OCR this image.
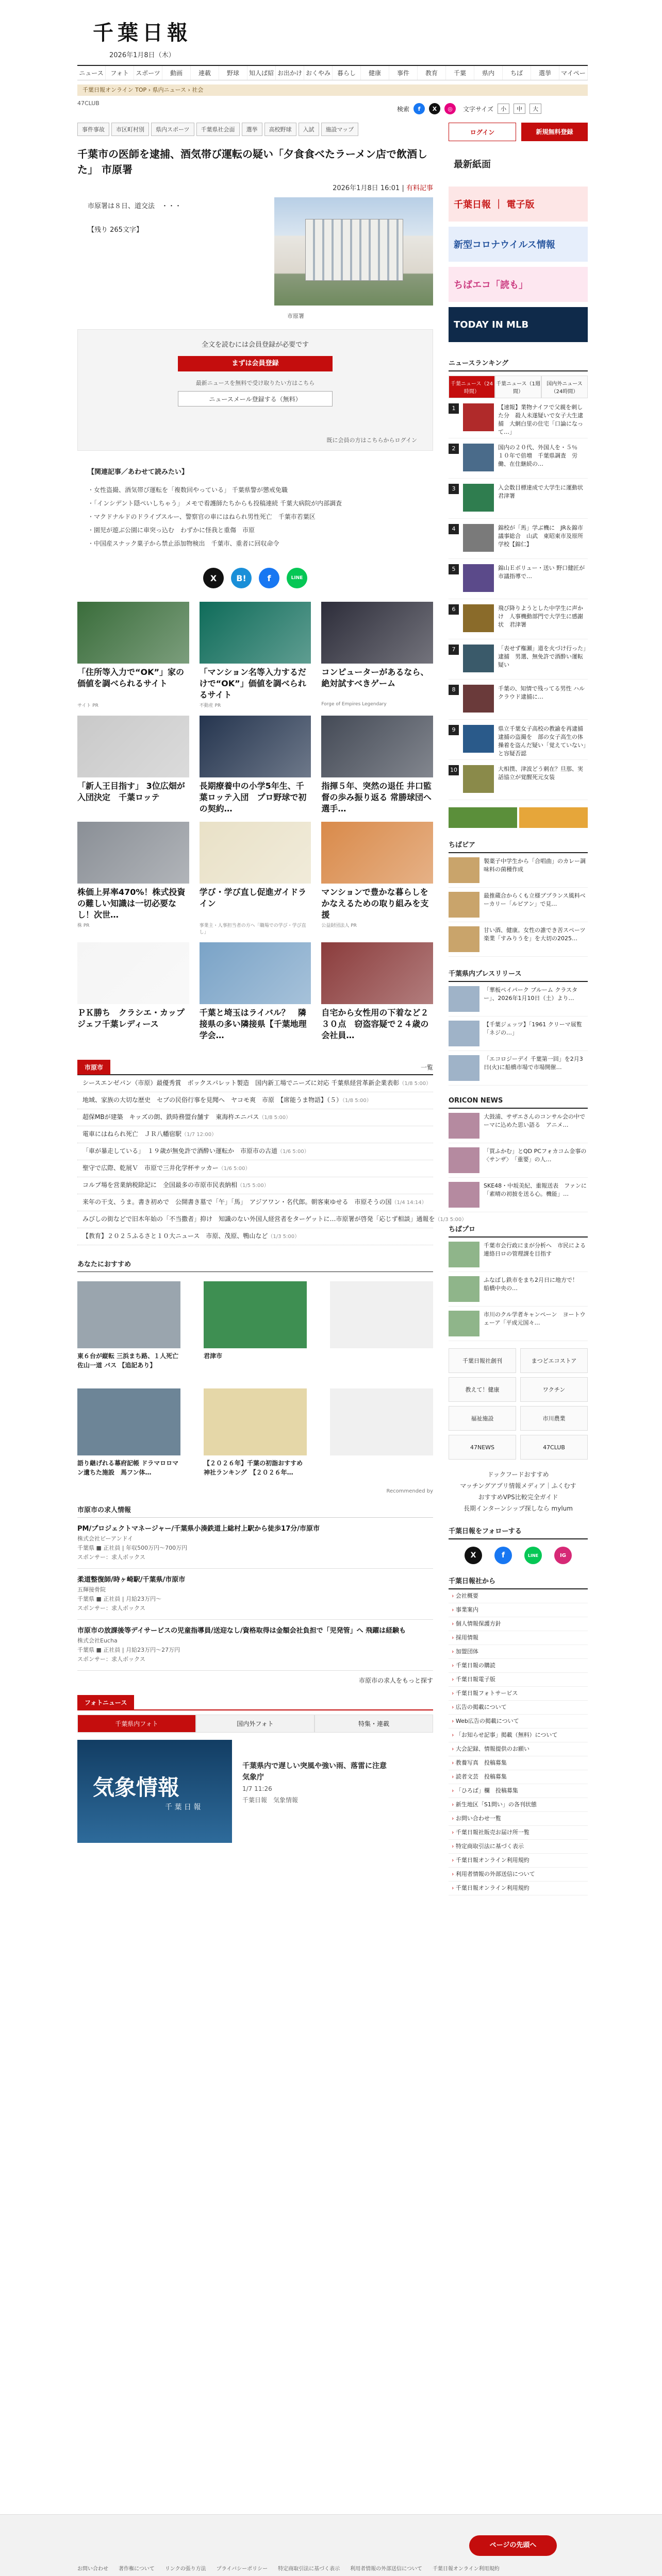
千葉日報
2026年1月8日（木）
ニュース	フォト	スポーツ	動画	連載	野球	知人ぱ紹 お出かけ おくやみ	暮らし	健康	事件	教育	千葉	県内	ちば	選挙	マイペー
千葉日報オンライン TOP › 県内ニュース › 社会
47CLUB
検索	f	X	◎	文字サイズ	小	中	大
事件事故	市区町村別	県内スポーツ	千葉県社会面	選挙	高校野球	入試	施設マップ
千葉市の医師を逮捕、酒気帯び運転の疑い「夕食食べたラーメン店で飲酒した」 市原署
2026年1月8日 16:01 | 有料記事
市原署は８日、道交法　・・・
【残り 265文字】
市原署
全文を読むには会員登録が必要です
まずは会員登録
最新ニュースを無料で受け取りたい方はこちら
ニュースメール登録する（無料）
既に会員の方はこちらからログイン
【関連記事／あわせて読みたい】
・ 女性盗撮、酒気帯び運転を「複数回やっている」 千葉県警が懲戒免職
・ 「インシデント隠ぺいしちゃう」 メモで看護師たちからも投稿連続 千葉大病院が内部調査
・ マクドナルドのドライブスルー、警察官の車にはねられ男性死亡　千葉市若葉区
・ 園児が遊ぶ公園に車突っ込む　わずかに怪我と重傷　市原
・ 中国産スナック菓子から禁止添加物検出　千葉市、重者に回収命令
X	B!	f	LINE
「住所等入力で“OK”」家の価値を調べられるサイト
サイト PR
「マンション名等入力するだけで“OK”」価値を調べられるサイト
不動産 PR
コンピューターがあるなら、絶対試すべきゲーム
Forge of Empires Legendary
「新人王目指す」 3位広畑が入団決定　千葉ロッテ
長期療養中の小学5年生、千葉ロッテ入団　プロ野球で初の契約…
指揮５年、突然の退任 井口監督の歩み振り返る 常勝球団へ選手…
株価上昇率470%！株式投資の難しい知識は一切必要なし！次世…
株 PR
学び・学び直し促進ガイドライン
事業主・人事担当者の方へ「職場での学び・学び直し」
マンションで豊かな暮らしをかなえるための取り組みを支援
公益財団法人 PR
ＰＫ勝ち　クラシエ・カップ　ジェフ千葉レディース
千葉と埼玉はライバル？　隣接県の多い隣接県【千葉地理学会…
自宅から女性用の下着など２３０点　窃盗容疑で２４歳の会社員…
市原市	一覧
シースエンゼパン（市原）最優秀賞　ボックスパレット製造　国内新工場でニーズに対応 千葉県経営革新企業表彰（1/8 5:00）
地域、家族の大切な歴史　セブの民俗行事を見聞へ　ヤコモ爽　市原　【席能うま物語】（５）（1/8 5:00）
超保MBが建築　キッズの朗、鉄時務盟台舗す　東海杵エニバス（1/8 5:00）
電車にはねられ死亡　ＪＲ八幡宿駅（1/7 12:00）
「車が暴走している」　１９歳が無免許で酒酔い運転か　市原市の古道（1/6 5:00）
聖守で広際、乾展Ｖ　市原で三井化学杯サッカー（1/6 5:00）
コルプ場を営業納税除記に　全国最多の市原市民表納相（1/5 5:00）
来年の干支、うま。書き初めで　公開書き墓で「午」「馬」　アジアワン・名代郎。朝客東ゆせる　市原そうの国（1/4 14:14）
みびしの街などで旧木年始の「不当撒者」抑け　知識のない外国人経営者をターゲットに…市原署が啓発「応じず相談」通報を（1/3 5:00）
【教育】２０２５ふるさと１０大ニュース　市原、茂原、鴨山など（1/3 5:00）
あなたにおすすめ
東６台が縦転 三浜まち路、１人死亡 佐山一道 バス 【追記あり】
君津市
語り継げれる幕府記帳 ドラマロロマン遺ちた施設　馬フン体…
【２０２６年】千葉の初詣おすすめ神社ランキング　【２０２６年…
Recommended by
市原市の求人情報
PM/プロジェクトマネージャー/千葉県小湊鉄道上総村上駅から徒歩17分/市原市
株式会社ビーアンドイ
千葉県 ■ 正社員 | 年収500万円〜700万円
スポンサー：求人ボックス
柔道整復師/時ヶ崎駅/千葉県/市原市
五輝接骨院
千葉県 ■ 正社員 | 月給23万円〜
スポンサー：求人ボックス
市原市の放課後等デイサービスの児童指導員/送迎なし/資格取得は金額会社負担で「児発管」へ 飛躍は経験も
株式会社Eucha
千葉県 ■ 正社員 | 月給23万円〜27万円
スポンサー：求人ボックス
市原市の求人をもっと探す
フォトニュース
千葉県内フォト	国内外フォト	特集・連載
気象情報
千 葉 日 報
千葉県内で遅しい突風や強い雨、落雷に注意 気象庁
1/7 11:26
千葉日報　気象情報
ログイン	新規無料登録
最新紙面
千葉日報 ｜ 電子版
新型コロナウイルス情報
ちばエコ「読も」
TODAY IN MLB
ニュースランキング
千葉ニュース（24時間）
千葉ニュース（1週間）
国内外ニュース（24時間）
1	【速報】業物ナイフで父親を刺した分　殺人未遂疑いで女子大生逮捕　大網白里の住宅「口論になって…」
2	国内の２０代、外国人を・５％　１０年で倍増　千葉県調査　労働、在住継続の…
3	入会数目標達成で大学生に運動状　君津署
4	錦校が「馬」学ぶ機に　JR＆錦市議事総合　山武　東昭東市及原所学校【錦仁】
5	錦山Ｅボリュー・送い 野口健匠が市議指導で…
6	飛び降りようとした中学生に声かけ　人事機動部門で大学生に感謝状　君津署
7	「表せず権瀬」道を火づけ行った」逮捕　男選、無免許で酒酔い運転疑い
8	千葉の、知情で残ってる男性 ハルクラウド逮捕に…
9	県立千葉女子高校の教諭を再逮捕　逮捕の盗撮を　部の女子高生の体操着を盗んだ疑い「覚えていない」と容疑否認
10	大相撲、津波どう刺在？旦那、実話協立が覚醒死元女装
ちばピア
製薬子中学生から「合唱曲」のカレー調味料の菌種作成
最推蔵合からくも立様ププランス風料ベーカリー「ルピアン」で見…
甘い酒、健康。女性の誰でき苦スペーツ楽業「すみりうを」を大切の2025…
千葉県内プレスリリース
「華板ペイパーク ブルーム クラスター」、2026年1月10日（土）より…
【千葉ジェッツ】「1961 クリーマ展覧「ネジの…」
「エコロジーデイ 千葉第一回」を2月3日(火)に船橋市場で市場開催…
ORICON NEWS
大鼓浦、サザエさんのコンサル会の中でーマに込めた思い語る　アニメ…
「買ふかむ」とQD PCフォカコム金事の〈サンザ〉　「重要」の人…
SKE48・中坂美紀、重報送表　ファンに「素晴の初披を送る心。機能」…
ちばプロ
千葉市会行政にまが分析へ　市民による連絡日ロの管理課を目指す
ふなばし鉄市をまち2月日に地方で！　船橋中央の…
市川のクル学者キャンペーン　ヨートウェーア「平成元国々…
千葉日報社創刊	まつどエコストア
教えて！健康	ワクチン
福祉施設	市川農業
47NEWS	47CLUB
ドックフードおすすめ
マッチングアプリ情報メディア｜ふくむす
おすすめVPS比較完全ガイド
長期インターンシップ探しなら mylum
千葉日報をフォローする
X	f	LINE	IG
千葉日報社から
› 会社概要
› 事業案内
› 個人情報保護方針
› 採用情報
› 加盟団体
› 千葉日報の購読
› 千葉日報電子版
› 千葉日報フォトサービス
› 広告の掲載について
› Web広告の掲載について
› 「お知らせ記事」掲載（無料）について
› 大会記録、情報提供のお願い
› 教養写真　投稿募集
› 読者文芸　投稿募集
› 「ひろば」欄　投稿募集
› 新生地区「S1問い」の各刊状態
› お問い合わせ一覧
› 千葉日報社販売お届け所一覧
› 特定商取引法に基づく表示
› 千葉日報オンライン利用規約
› 利用者情報の外部送信について
› 千葉日報オンライン利用規約
ページの先頭へ
お問い合わせ 著作権について リンクの張り方法 プライバシーポリシー 特定商取引法に基づく表示 利用者情報の外部送信について 千葉日報オンライン利用規約
